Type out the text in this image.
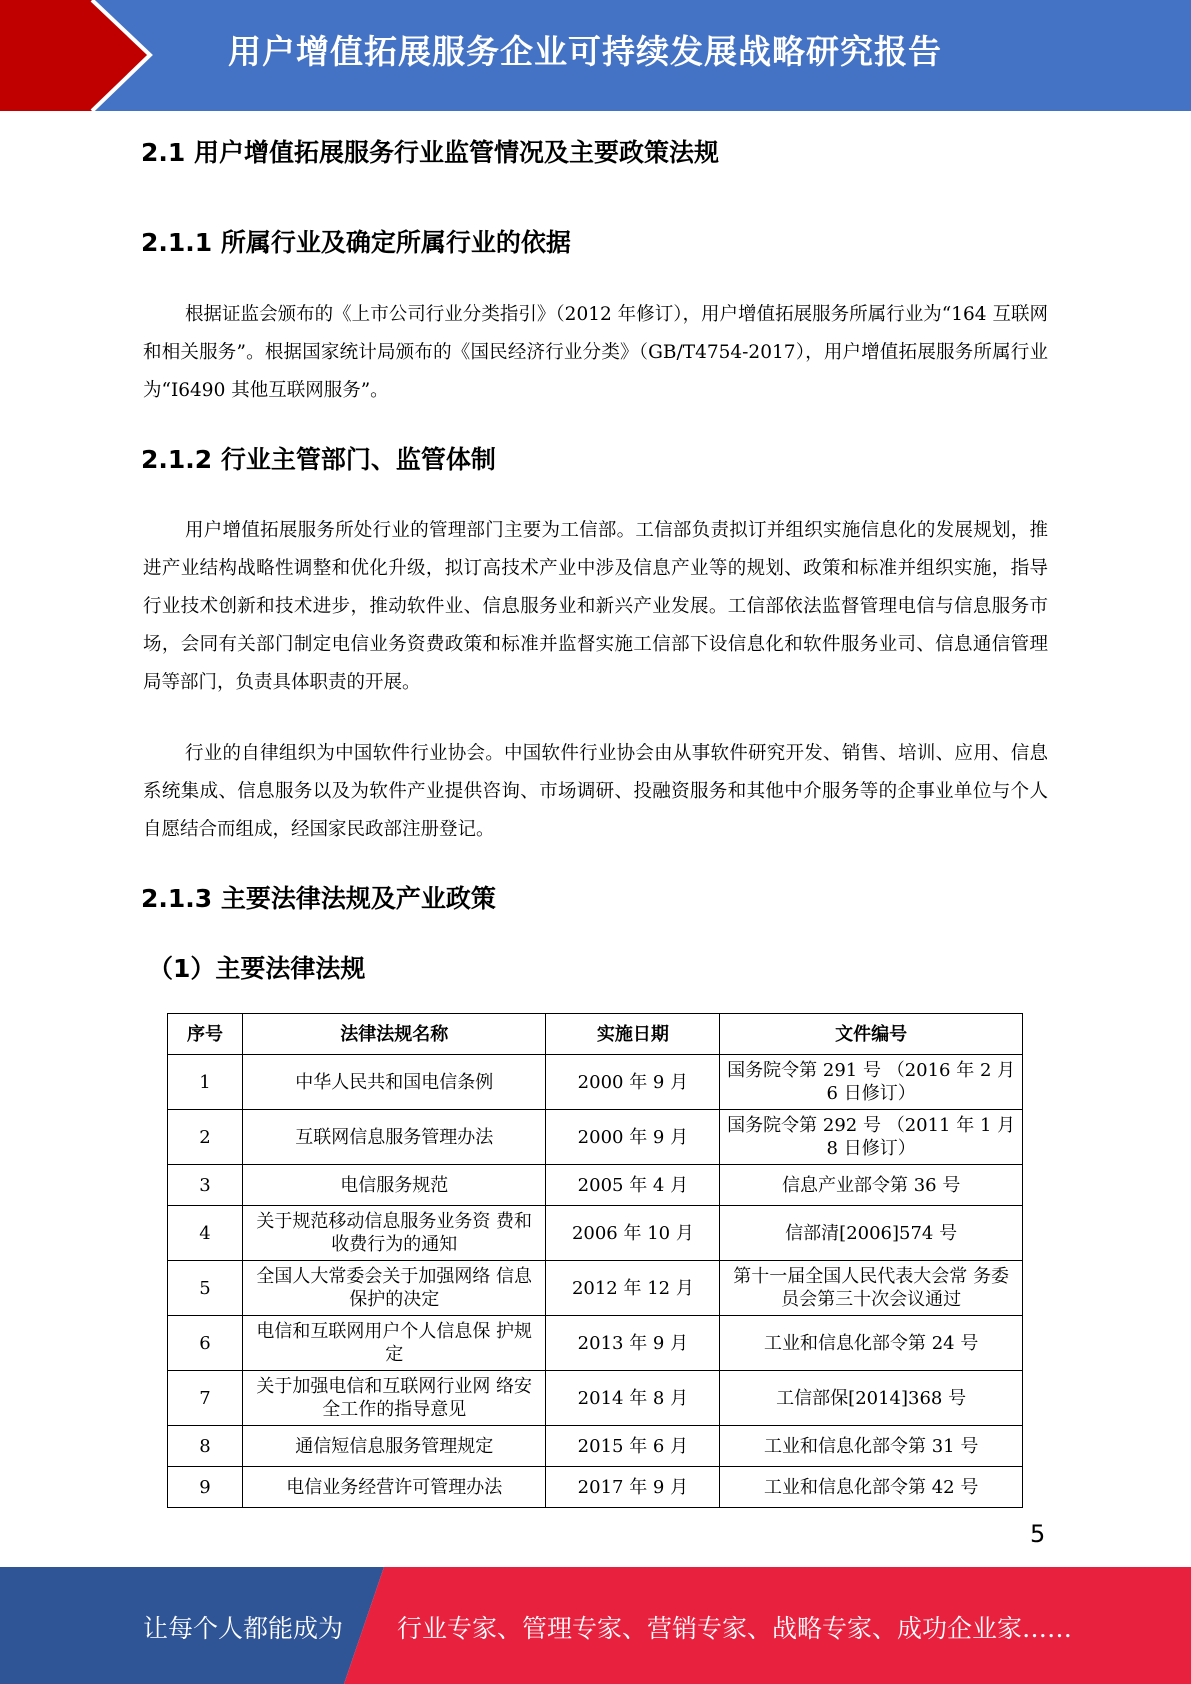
用户增值拓展服务企业可持续发展战略研究报告
2.1 用户增值拓展服务行业监管情况及主要政策法规
2.1.1 所属行业及确定所属行业的依据
根据证监会颁布的《上市公司行业分类指引》（2012 年修订），用户增值拓展服务所属行业为“164 互联网和相关服务”。根据国家统计局颁布的《国民经济行业分类》（GB/T4754-2017），用户增值拓展服务所属行业为“I6490 其他互联网服务”。
2.1.2 行业主管部门、监管体制
用户增值拓展服务所处行业的管理部门主要为工信部。工信部负责拟订并组织实施信息化的发展规划，推进产业结构战略性调整和优化升级，拟订高技术产业中涉及信息产业等的规划、政策和标准并组织实施，指导行业技术创新和技术进步，推动软件业、信息服务业和新兴产业发展。工信部依法监督管理电信与信息服务市场，会同有关部门制定电信业务资费政策和标准并监督实施工信部下设信息化和软件服务业司、信息通信管理局等部门，负责具体职责的开展。
行业的自律组织为中国软件行业协会。中国软件行业协会由从事软件研究开发、销售、培训、应用、信息系统集成、信息服务以及为软件产业提供咨询、市场调研、投融资服务和其他中介服务等的企事业单位与个人自愿结合而组成，经国家民政部注册登记。
2.1.3 主要法律法规及产业政策
（1）主要法律法规
序号	法律法规名称	实施日期	文件编号
1	中华人民共和国电信条例	2000 年 9 月	国务院令第 291 号 （2016 年 2 月 6 日修订）
2	互联网信息服务管理办法	2000 年 9 月	国务院令第 292 号 （2011 年 1 月 8 日修订）
3	电信服务规范	2005 年 4 月	信息产业部令第 36 号
4	关于规范移动信息服务业务资 费和收费行为的通知	2006 年 10 月	信部清[2006]574 号
5	全国人大常委会关于加强网络 信息保护的决定	2012 年 12 月	第十一届全国人民代表大会常 务委员会第三十次会议通过
6	电信和互联网用户个人信息保 护规定	2013 年 9 月	工业和信息化部令第 24 号
7	关于加强电信和互联网行业网 络安全工作的指导意见	2014 年 8 月	工信部保[2014]368 号
8	通信短信息服务管理规定	2015 年 6 月	工业和信息化部令第 31 号
9	电信业务经营许可管理办法	2017 年 9 月	工业和信息化部令第 42 号
5
让每个人都能成为 行业专家、管理专家、营销专家、战略专家、成功企业家……
